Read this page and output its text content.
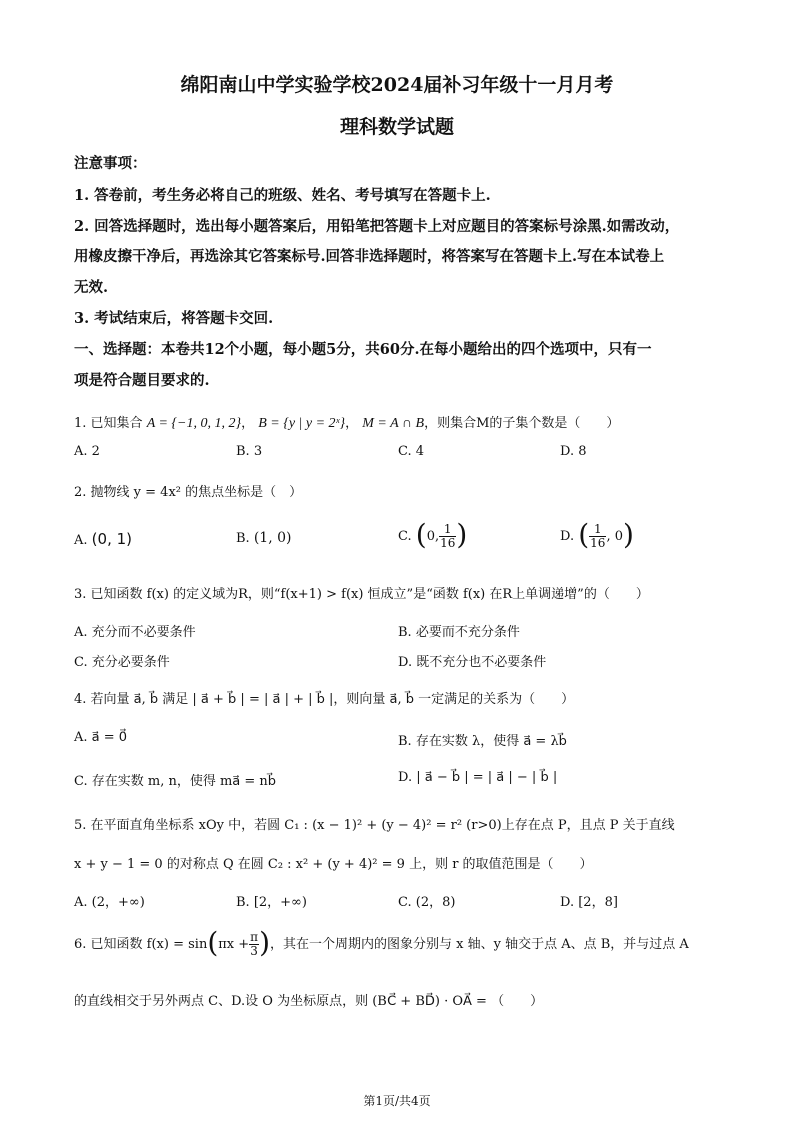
绵阳南山中学实验学校2024届补习年级十一月月考
理科数学试题
注意事项：
1. 答卷前，考生务必将自己的班级、姓名、考号填写在答题卡上.
2. 回答选择题时，选出每小题答案后，用铅笔把答题卡上对应题目的答案标号涂黑.如需改动，
用橡皮擦干净后，再选涂其它答案标号.回答非选择题时，将答案写在答题卡上.写在本试卷上
无效.
3. 考试结束后，将答题卡交回.
一、选择题：本卷共12个小题，每小题5分，共60分.在每小题给出的四个选项中，只有一
项是符合题目要求的.
1. 已知集合 A = {−1, 0, 1, 2}， B = {y | y = 2ˣ}， M = A ∩ B，则集合M的子集个数是（　　）
A. 2	B. 3	C. 4	D. 8
2. 抛物线 y = 4x² 的焦点坐标是（　）
A. (0, 1)	B. (1, 0)	C. (0, $\frac{1}{16}$ )	D. ( $\frac{1}{16}$ , 0)
3. 已知函数 f(x) 的定义域为R，则“f(x+1) > f(x) 恒成立”是“函数 f(x) 在R上单调递增”的（　　）
A. 充分而不必要条件	B. 必要而不充分条件
C. 充分必要条件	D. 既不充分也不必要条件
4. 若向量 a⃗, b⃗ 满足 | a⃗ + b⃗ | = | a⃗ | + | b⃗ |，则向量 a⃗, b⃗ 一定满足的关系为（　　）
A. a⃗ = 0⃗	B. 存在实数 λ，使得 a⃗ = λb⃗
C. 存在实数 m, n，使得 ma⃗ = nb⃗	D. | a⃗ − b⃗ | = | a⃗ | − | b⃗ |
5. 在平面直角坐标系 xOy 中，若圆 C₁ : (x − 1)² + (y − 4)² = r² (r>0)上存在点 P，且点 P 关于直线
x + y − 1 = 0 的对称点 Q 在圆 C₂ : x² + (y + 4)² = 9 上，则 r 的取值范围是（　　）
A. (2，+∞)	B. [2，+∞)	C. (2，8)	D. [2，8]
6. 已知函数 $f(x) = \sin(\pi x + \frac{\pi}{3}$ )，其在一个周期内的图象分别与 x 轴、y 轴交于点 A、点 B，并与过点 A
的直线相交于另外两点 C、D.设 O 为坐标原点，则 (BC⃗ + BD⃗) · OA⃗ = （　　）
第1页/共4页
